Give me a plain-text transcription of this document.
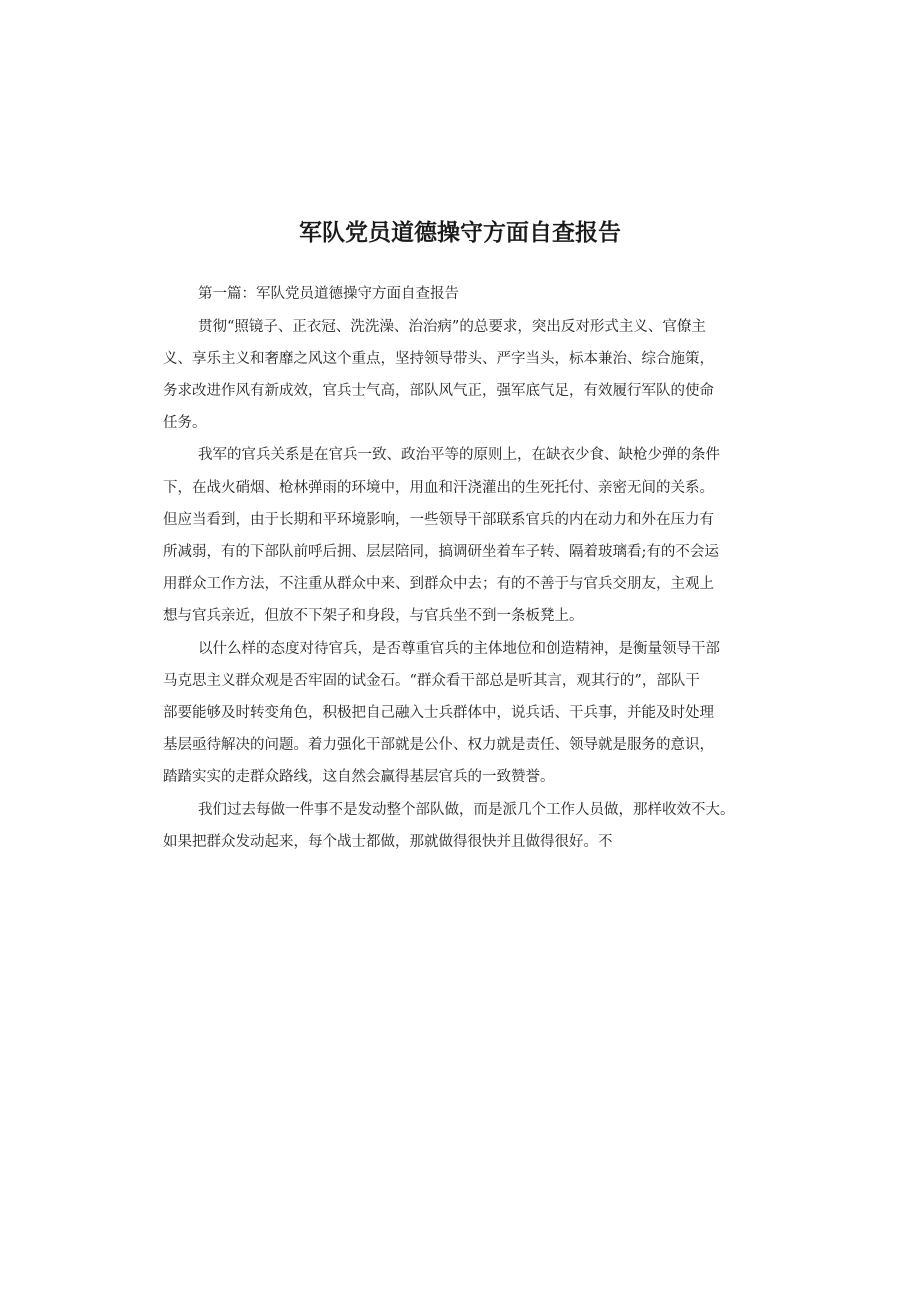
军队党员道德操守方面自查报告

第一篇：军队党员道德操守方面自查报告

贯彻“照镜子、正衣冠、洗洗澡、治治病”的总要求，突出反对形式主义、官僚主

义、享乐主义和奢靡之风这个重点，坚持领导带头、严字当头，标本兼治、综合施策，

务求改进作风有新成效，官兵士气高，部队风气正，强军底气足，有效履行军队的使命

任务。

我军的官兵关系是在官兵一致、政治平等的原则上，在缺衣少食、缺枪少弹的条件

下，在战火硝烟、枪林弹雨的环境中，用血和汗浇灌出的生死托付、亲密无间的关系。

但应当看到，由于长期和平环境影响，一些领导干部联系官兵的内在动力和外在压力有

所减弱，有的下部队前呼后拥、层层陪同，搞调研坐着车子转、隔着玻璃看;有的不会运

用群众工作方法，不注重从群众中来、到群众中去；有的不善于与官兵交朋友，主观上

想与官兵亲近，但放不下架子和身段，与官兵坐不到一条板凳上。

以什么样的态度对待官兵，是否尊重官兵的主体地位和创造精神，是衡量领导干部

马克思主义群众观是否牢固的试金石。“群众看干部总是听其言，观其行的”，部队干

部要能够及时转变角色，积极把自己融入士兵群体中，说兵话、干兵事，并能及时处理

基层亟待解决的问题。着力强化干部就是公仆、权力就是责任、领导就是服务的意识，

踏踏实实的走群众路线，这自然会赢得基层官兵的一致赞誉。

我们过去每做一件事不是发动整个部队做，而是派几个工作人员做，那样收效不大。

如果把群众发动起来，每个战士都做，那就做得很快并且做得很好。不
